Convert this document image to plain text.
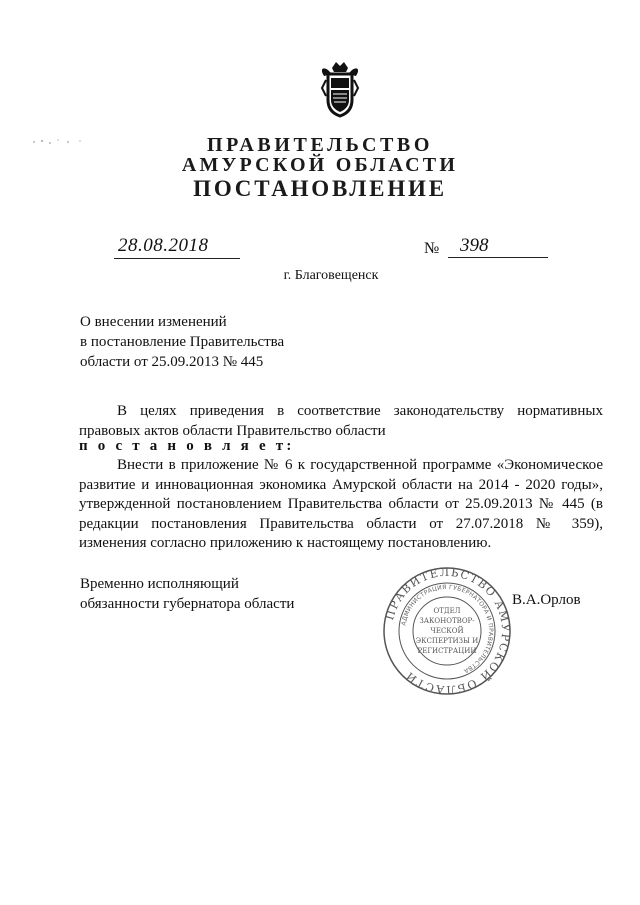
ПРАВИТЕЛЬСТВО
АМУРСКОЙ ОБЛАСТИ
ПОСТАНОВЛЕНИЕ
28.08.2018	№	398
г. Благовещенск
О внесении изменений
в постановление Правительства
области от 25.09.2013 № 445
В целях приведения в соответствие законодательству нормативных правовых актов области Правительство области
п о с т а н о в л я е т:
Внести в приложение № 6 к государственной программе «Экономическое развитие и инновационная экономика Амурской области на 2014 - 2020 годы», утвержденной постановлением Правительства области от 25.09.2013 № 445 (в редакции постановления Правительства области от 27.07.2018 № 359), изменения согласно приложению к настоящему постановлению.
Временно исполняющий
обязанности губернатора области
ПРАВИТЕЛЬСТВО АМУРСКОЙ ОБЛАСТИ
АДМИНИСТРАЦИЯ ГУБЕРНАТОРА И ПРАВИТЕЛЬСТВА
ОТДЕЛ
ЗАКОНОТВОР-
ЧЕСКОЙ
ЭКСПЕРТИЗЫ И
РЕГИСТРАЦИИ
В.А.Орлов
